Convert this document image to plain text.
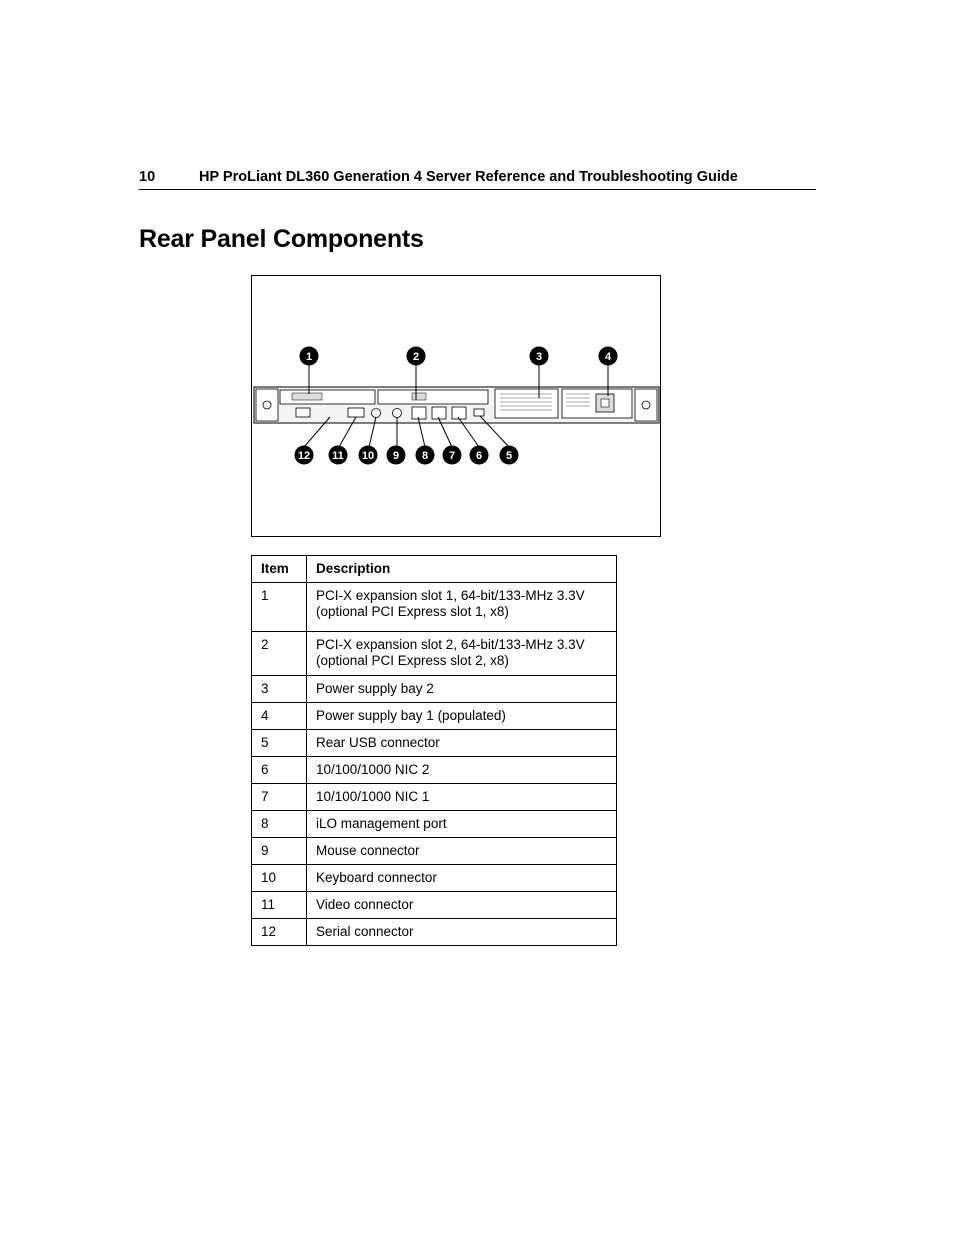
10	HP ProLiant DL360 Generation 4 Server Reference and Troubleshooting Guide
Rear Panel Components
1	2	3	4
12 11 10 9 8 7 6 5
Item	Description
1	PCI-X expansion slot 1, 64-bit/133-MHz 3.3V
(optional PCI Express slot 1, x8)
2	PCI-X expansion slot 2, 64-bit/133-MHz 3.3V
(optional PCI Express slot 2, x8)
3	Power supply bay 2
4	Power supply bay 1 (populated)
5	Rear USB connector
6	10/100/1000 NIC 2
7	10/100/1000 NIC 1
8	iLO management port
9	Mouse connector
10	Keyboard connector
11	Video connector
12	Serial connector
